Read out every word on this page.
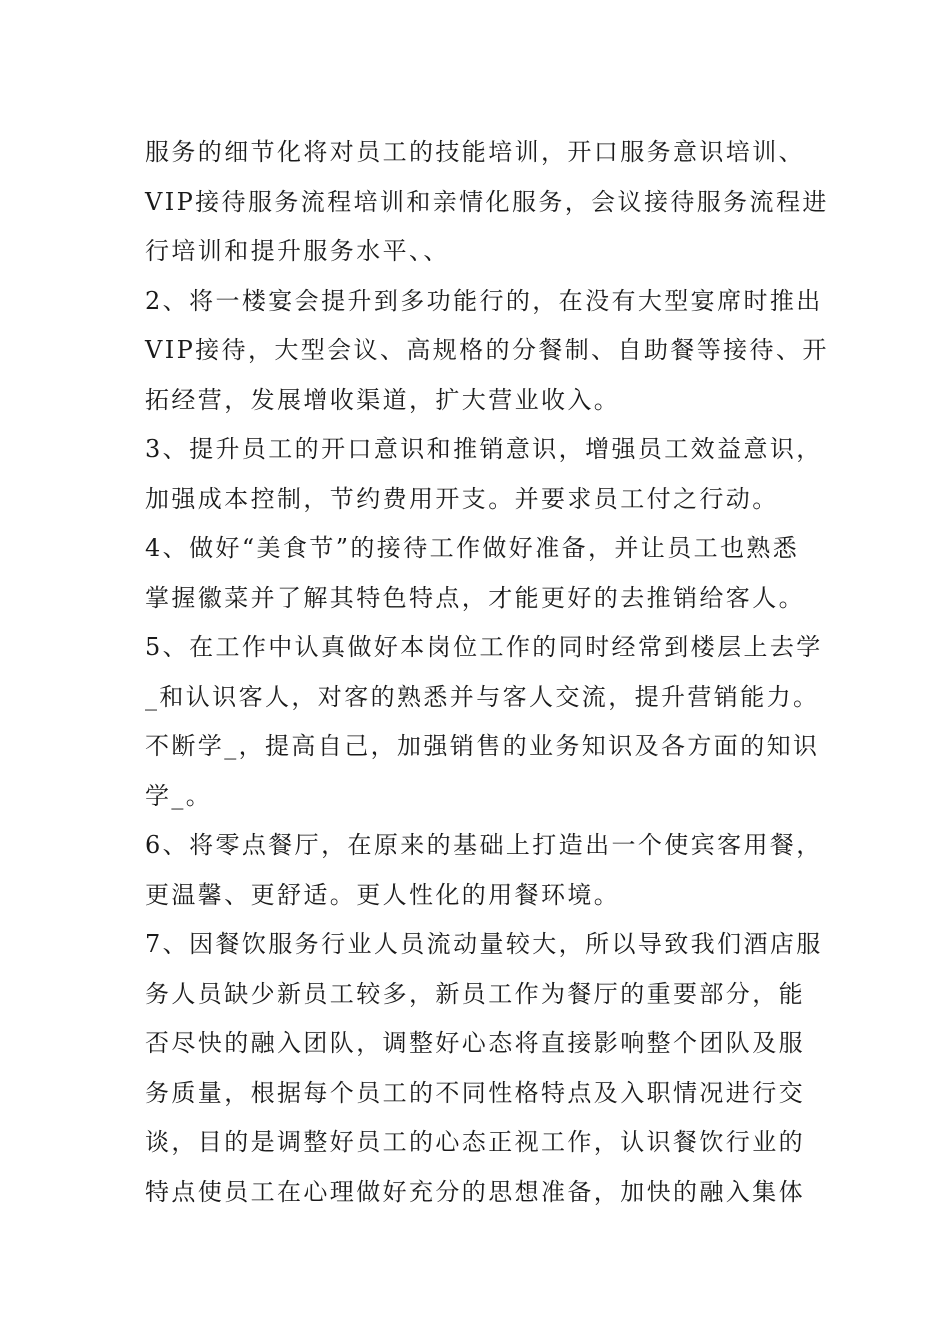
服务的细节化将对员工的技能培训，开口服务意识培训、
VIP接待服务流程培训和亲情化服务，会议接待服务流程进
行培训和提升服务水平、、
2、将一楼宴会提升到多功能行的，在没有大型宴席时推出
VIP接待，大型会议、高规格的分餐制、自助餐等接待、开
拓经营，发展增收渠道，扩大营业收入。
3、提升员工的开口意识和推销意识，增强员工效益意识，
加强成本控制，节约费用开支。并要求员工付之行动。
4、做好“美食节”的接待工作做好准备，并让员工也熟悉
掌握徽菜并了解其特色特点，才能更好的去推销给客人。
5、在工作中认真做好本岗位工作的同时经常到楼层上去学
_和认识客人，对客的熟悉并与客人交流，提升营销能力。
不断学_，提高自己，加强销售的业务知识及各方面的知识
学_。
6、将零点餐厅，在原来的基础上打造出一个使宾客用餐，
更温馨、更舒适。更人性化的用餐环境。
7、因餐饮服务行业人员流动量较大，所以导致我们酒店服
务人员缺少新员工较多，新员工作为餐厅的重要部分，能
否尽快的融入团队，调整好心态将直接影响整个团队及服
务质量，根据每个员工的不同性格特点及入职情况进行交
谈，目的是调整好员工的心态正视工作，认识餐饮行业的
特点使员工在心理做好充分的思想准备，加快的融入集体
